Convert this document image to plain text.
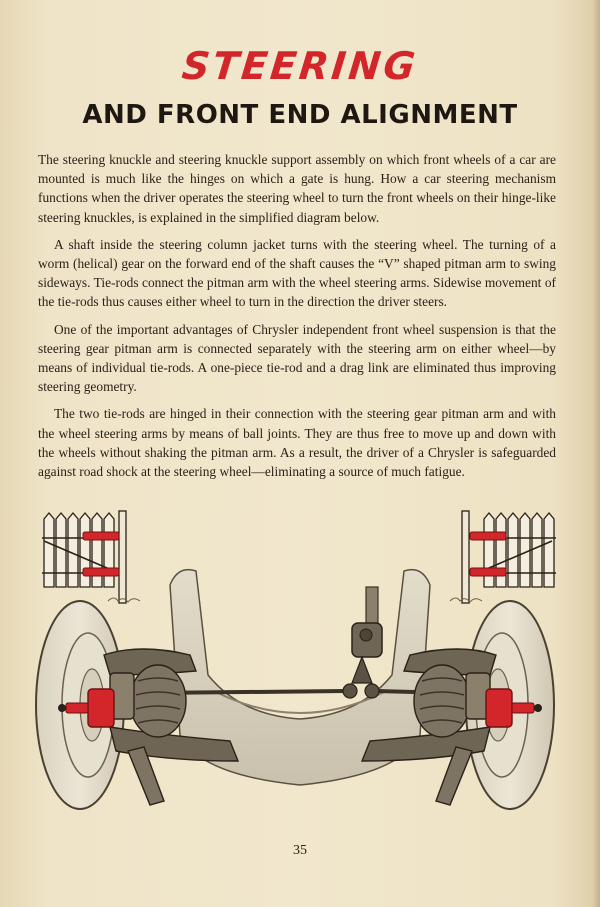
STEERING
AND FRONT END ALIGNMENT

The steering knuckle and steering knuckle support assembly on which front wheels of a car are mounted is much like the hinges on which a gate is hung. How a car steering mechanism functions when the driver operates the steering wheel to turn the front wheels on their hinge-like steering knuckles, is explained in the simplified diagram below.

A shaft inside the steering column jacket turns with the steering wheel. The turning of a worm (helical) gear on the forward end of the shaft causes the “V” shaped pitman arm to swing sideways. Tie-rods connect the pitman arm with the wheel steering arms. Sidewise movement of the tie-rods thus causes either wheel to turn in the direction the driver steers.

One of the important advantages of Chrysler independent front wheel suspension is that the steering gear pitman arm is connected separately with the steering arm on either wheel—by means of individual tie-rods. A one-piece tie-rod and a drag link are eliminated thus improving steering geometry.

The two tie-rods are hinged in their connection with the steering gear pitman arm and with the wheel steering arms by means of ball joints. They are thus free to move up and down with the wheels without shaking the pitman arm. As a result, the driver of a Chrysler is safeguarded against road shock at the steering wheel—eliminating a source of much fatigue.

35
